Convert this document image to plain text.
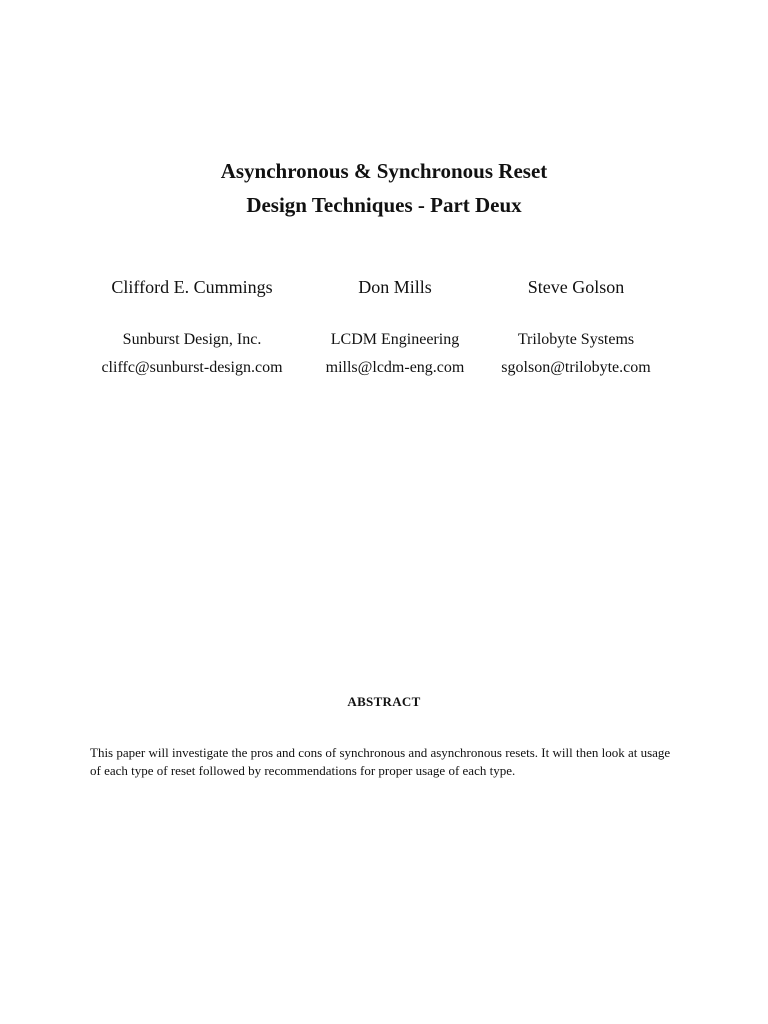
Asynchronous & Synchronous Reset

Design Techniques - Part Deux

Clifford E. Cummings
Sunburst Design, Inc.
cliffc@sunburst-design.com
Don Mills
LCDM Engineering
mills@lcdm-eng.com
Steve Golson
Trilobyte Systems
sgolson@trilobyte.com
ABSTRACT
This paper will investigate the pros and cons of synchronous and asynchronous resets. It will then look at usage of each type of reset followed by recommendations for proper usage of each type.
